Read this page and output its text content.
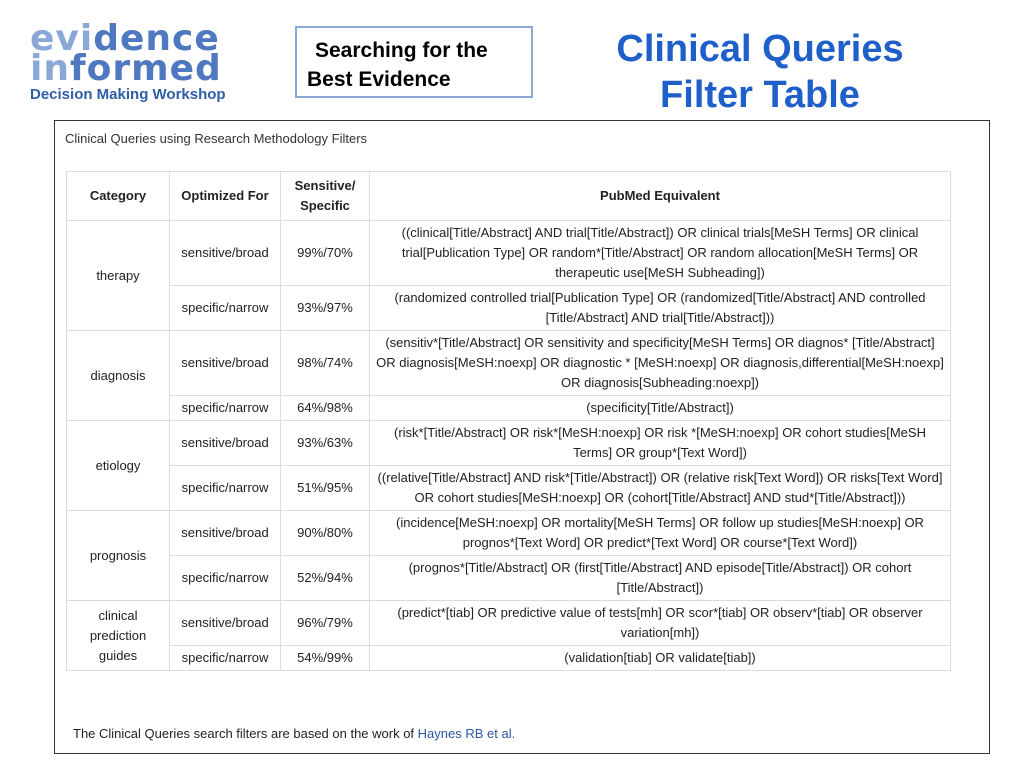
evidence
informed
Decision Making Workshop
Searching for the
Best Evidence
Clinical Queries
Filter Table
Clinical Queries using Research Methodology Filters
Category	Optimized For	Sensitive/ Specific	PubMed Equivalent
therapy	sensitive/broad	99%/70%	((clinical[Title/Abstract] AND trial[Title/Abstract]) OR clinical trials[MeSH Terms] OR clinical trial[Publication Type] OR random*[Title/Abstract] OR random allocation[MeSH Terms] OR therapeutic use[MeSH Subheading])
	specific/narrow	93%/97%	(randomized controlled trial[Publication Type] OR (randomized[Title/Abstract] AND controlled [Title/Abstract] AND trial[Title/Abstract]))
diagnosis	sensitive/broad	98%/74%	(sensitiv*[Title/Abstract] OR sensitivity and specificity[MeSH Terms] OR diagnos* [Title/Abstract] OR diagnosis[MeSH:noexp] OR diagnostic * [MeSH:noexp] OR diagnosis,differential[MeSH:noexp] OR diagnosis[Subheading:noexp])
	specific/narrow	64%/98%	(specificity[Title/Abstract])
etiology	sensitive/broad	93%/63%	(risk*[Title/Abstract] OR risk*[MeSH:noexp] OR risk *[MeSH:noexp] OR cohort studies[MeSH Terms] OR group*[Text Word])
	specific/narrow	51%/95%	((relative[Title/Abstract] AND risk*[Title/Abstract]) OR (relative risk[Text Word]) OR risks[Text Word] OR cohort studies[MeSH:noexp] OR (cohort[Title/Abstract] AND stud*[Title/Abstract]))
prognosis	sensitive/broad	90%/80%	(incidence[MeSH:noexp] OR mortality[MeSH Terms] OR follow up studies[MeSH:noexp] OR prognos*[Text Word] OR predict*[Text Word] OR course*[Text Word])
	specific/narrow	52%/94%	(prognos*[Title/Abstract] OR (first[Title/Abstract] AND episode[Title/Abstract]) OR cohort [Title/Abstract])
clinical prediction guides	sensitive/broad	96%/79%	(predict*[tiab] OR predictive value of tests[mh] OR scor*[tiab] OR observ*[tiab] OR observer variation[mh])
	specific/narrow	54%/99%	(validation[tiab] OR validate[tiab])
The Clinical Queries search filters are based on the work of Haynes RB et al.
